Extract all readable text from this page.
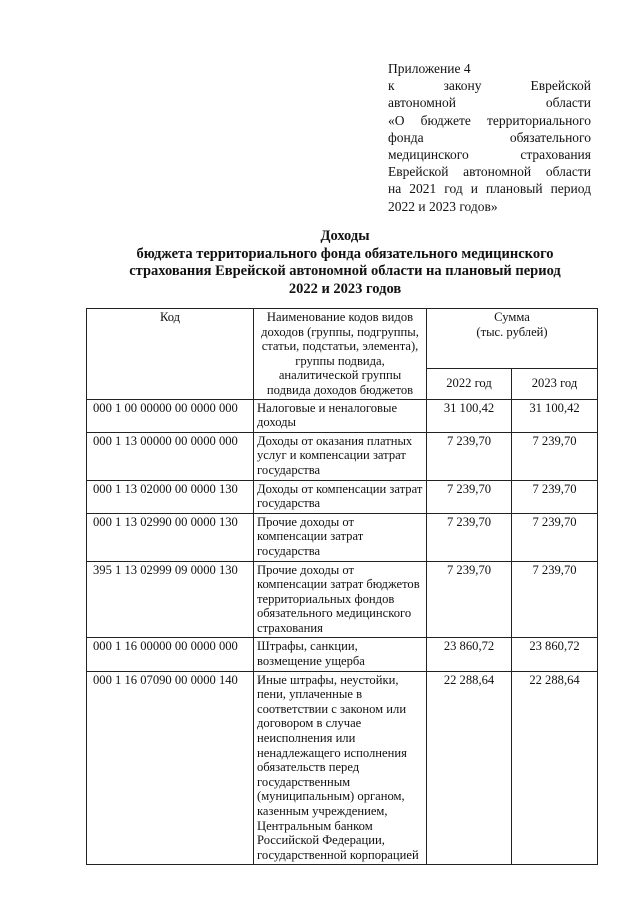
Приложение 4
к закону Еврейской
автономной области
«О бюджете территориального
фонда обязательного
медицинского страхования
Еврейской автономной области
на 2021 год и плановый период
2022 и 2023 годов»
Доходы
бюджета территориального фонда обязательного медицинского
страхования Еврейской автономной области на плановый период
2022 и 2023 годов
Код	Наименование кодов видов доходов (группы, подгруппы, статьи, подстатьи, элемента), группы подвида, аналитической группы подвида доходов бюджетов	Сумма
(тыс. рублей)	

		2022 год	2023 год
000 1 00 00000 00 0000 000	Налоговые и неналоговые доходы	31 100,42	31 100,42
000 1 13 00000 00 0000 000	Доходы от оказания платных услуг и компенсации затрат государства	7 239,70	7 239,70
000 1 13 02000 00 0000 130	Доходы от компенсации затрат государства	7 239,70	7 239,70
000 1 13 02990 00 0000 130	Прочие доходы от компенсации затрат государства	7 239,70	7 239,70
395 1 13 02999 09 0000 130	Прочие доходы от компенсации затрат бюджетов территориальных фондов обязательного медицинского страхования	7 239,70	7 239,70
000 1 16 00000 00 0000 000	Штрафы, санкции, возмещение ущерба	23 860,72	23 860,72
000 1 16 07090 00 0000 140	Иные штрафы, неустойки, пени, уплаченные в соответствии с законом или договором в случае неисполнения или ненадлежащего исполнения обязательств перед государственным (муниципальным) органом, казенным учреждением, Центральным банком Российской Федерации, государственной корпорацией	22 288,64	22 288,64
